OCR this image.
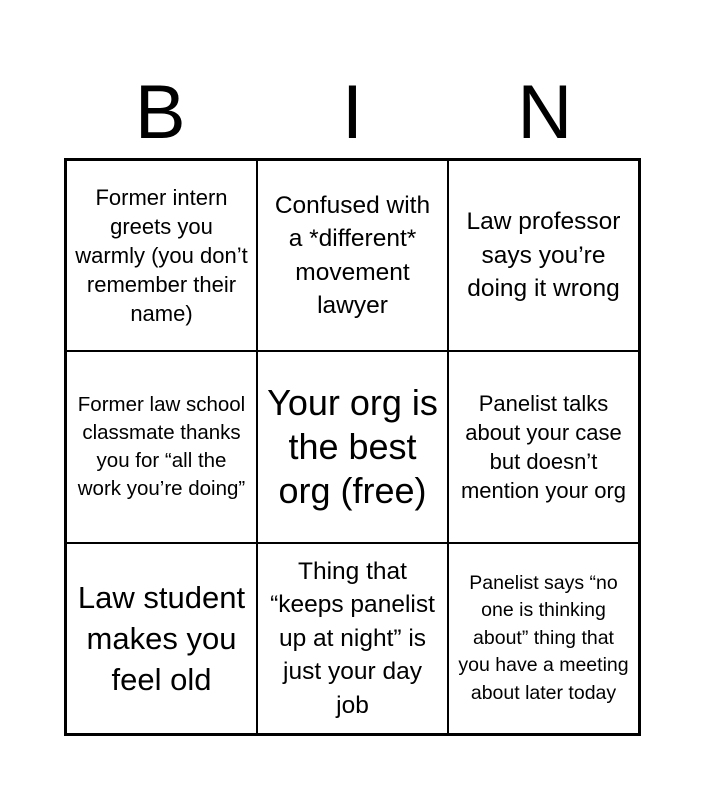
B	I	N
Former intern greets you warmly (you don’t remember their name)
Confused with a *different* movement lawyer
Law professor says you’re doing it wrong
Former law school classmate thanks you for “all the work you’re doing”
Your org is the best org (free)
Panelist talks about your case but doesn’t mention your org
Law student makes you feel old
Thing that “keeps panelist up at night” is just your day job
Panelist says “no one is thinking about” thing that you have a meeting about later today
